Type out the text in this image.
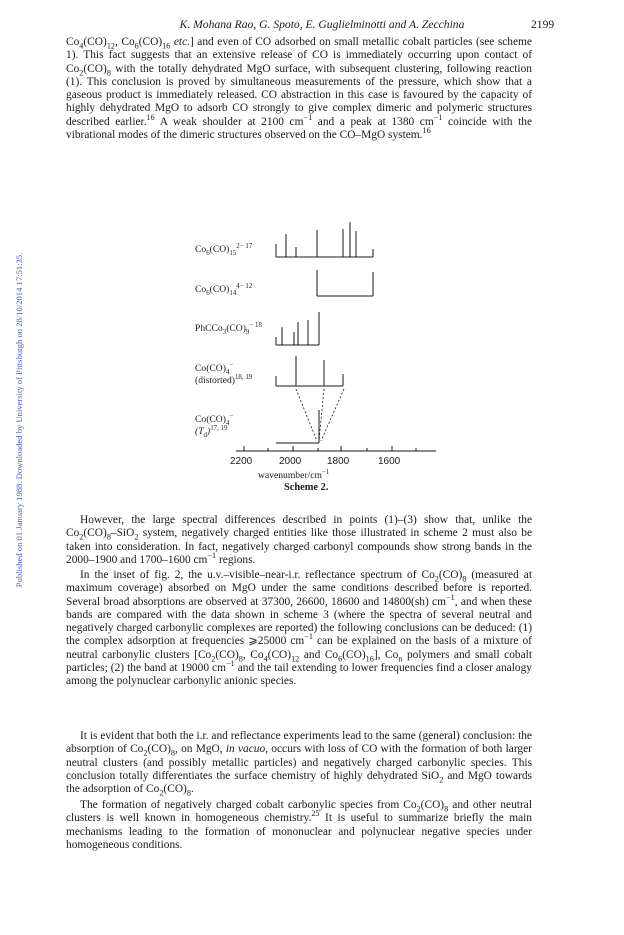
Published on 01 January 1988. Downloaded by University of Pittsburgh on 28/10/2014 17:51:35.
K. Mohana Rao, G. Spoto, E. Guglielminotti and A. Zecchina	2199

$Co_4(CO)_{12}$, $Co_6(CO)_{16}$ etc.] and even of CO adsorbed on small metallic cobalt particles (see scheme 1). This fact suggests that an extensive release of CO is immediately occurring upon contact of $Co_2(CO)_8$ with the totally dehydrated MgO surface, with subsequent clustering, following reaction (1). This conclusion is proved by simultaneous measurements of the pressure, which show that a gaseous product is immediately released. CO abstraction in this case is favoured by the capacity of highly dehydrated MgO to adsorb CO strongly to give complex dimeric and polymeric structures described earlier.$^{16}$ A weak shoulder at 2100 $cm^{-1}$ and a peak at 1380 $cm^{-1}$ coincide with the vibrational modes of the dimeric structures observed on the CO–MgO system.$^{16}$

$Co_6(CO)_{15}^{2-}$ $^{17}$
$Co_6(CO)_{14}^{4-}$ $^{12}$
$PhCCo_3(CO)_9^-$ $^{18}$
$Co(CO)_4^-$
(distorted)$^{18, 19}$
$Co(CO)_4^-$
$(T_d)^{17, 19}$
2200	2000	1800	1600
wavenumber/$cm^{-1}$
Scheme 2.

However, the large spectral differences described in points (1)–(3) show that, unlike the $Co_2(CO)_8-SiO_2$ system, negatively charged entities like those illustrated in scheme 2 must also be taken into consideration. In fact, negatively charged carbonyl compounds show strong bands in the 2000–1900 and 1700–1600 $cm^{-1}$ regions.

In the inset of fig. 2, the u.v.–visible–near-i.r. reflectance spectrum of $Co_2(CO)_8$ (measured at maximum coverage) absorbed on MgO under the same conditions described before is reported. Several broad absorptions are observed at 37300, 26600, 18600 and 14800(sh) $cm^{-1}$, and when these bands are compared with the data shown in scheme 3 (where the spectra of several neutral and negatively charged carbonylic complexes are reported) the following conclusions can be deduced: (1) the complex adsorption at frequencies ⩾25000 $cm^{-1}$ can be explained on the basis of a mixture of neutral carbonylic clusters [$Co_2(CO)_8$, $Co_4(CO)_{12}$ and $Co_6(CO)_{16}$], $Co_n$ polymers and small cobalt particles; (2) the band at 19000 $cm^{-1}$ and the tail extending to lower frequencies find a closer analogy among the polynuclear carbonylic anionic species.

It is evident that both the i.r. and reflectance experiments lead to the same (general) conclusion: the absorption of $Co_2(CO)_8$, on MgO, in vacuo, occurs with loss of CO with the formation of both larger neutral clusters (and possibly metallic particles) and negatively charged carbonylic species. This conclusion totally differentiates the surface chemistry of highly dehydrated SiO$_2$ and MgO towards the adsorption of $Co_2(CO)_8$.

The formation of negatively charged cobalt carbonylic species from $Co_2(CO)_8$ and other neutral clusters is well known in homogeneous chemistry.$^{25}$ It is useful to summarize briefly the main mechanisms leading to the formation of mononuclear and polynuclear negative species under homogeneous conditions.
